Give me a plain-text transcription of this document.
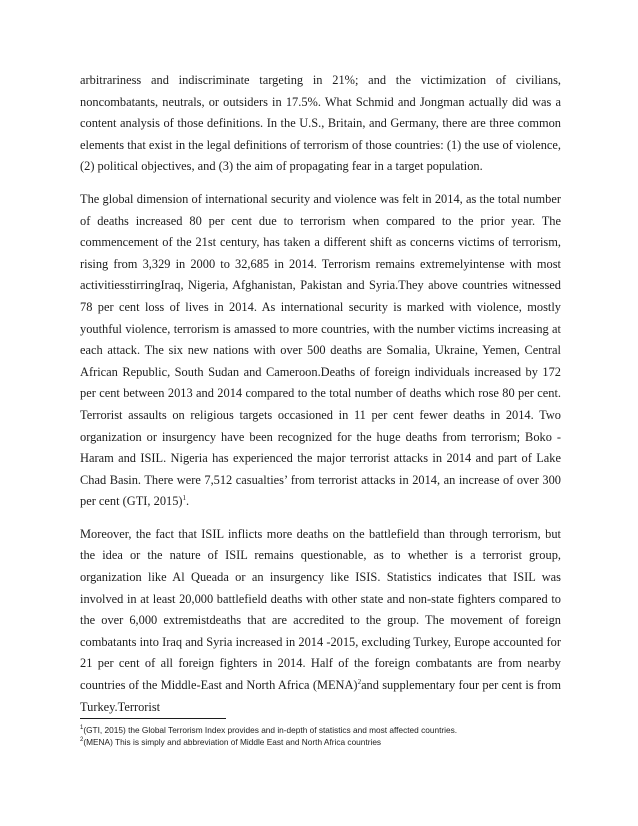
arbitrariness and indiscriminate targeting in 21%; and the victimization of civilians, noncombatants, neutrals, or outsiders in 17.5%. What Schmid and Jongman actually did was a content analysis of those definitions. In the U.S., Britain, and Germany, there are three common elements that exist in the legal definitions of terrorism of those countries: (1) the use of violence, (2) political objectives, and (3) the aim of propagating fear in a target population.

The global dimension of international security and violence was felt in 2014, as the total number of deaths increased 80 per cent due to terrorism when compared to the prior year. The commencement of the 21st century, has taken a different shift as concerns victims of terrorism, rising from 3,329 in 2000 to 32,685 in 2014. Terrorism remains extremelyintense with most activitiesstirringIraq, Nigeria, Afghanistan, Pakistan and Syria.They above countries witnessed 78 per cent loss of lives in 2014. As international security is marked with violence, mostly youthful violence, terrorism is amassed to more countries, with the number victims increasing at each attack. The six new nations with over 500 deaths are Somalia, Ukraine, Yemen, Central African Republic, South Sudan and Cameroon.Deaths of foreign individuals increased by 172 per cent between 2013 and 2014 compared to the total number of deaths which rose 80 per cent. Terrorist assaults on religious targets occasioned in 11 per cent fewer deaths in 2014. Two organization or insurgency have been recognized for the huge deaths from terrorism; Boko - Haram and ISIL. Nigeria has experienced the major terrorist attacks in 2014 and part of Lake Chad Basin. There were 7,512 casualties’ from terrorist attacks in 2014, an increase of over 300 per cent (GTI, 2015)$^1$.

Moreover, the fact that ISIL inflicts more deaths on the battlefield than through terrorism, but the idea or the nature of ISIL remains questionable, as to whether is a terrorist group, organization like Al Queada or an insurgency like ISIS. Statistics indicates that ISIL was involved in at least 20,000 battlefield deaths with other state and non-state fighters compared to the over 6,000 extremistdeaths that are accredited to the group. The movement of foreign combatants into Iraq and Syria increased in 2014 -2015, excluding Turkey, Europe accounted for 21 per cent of all foreign fighters in 2014. Half of the foreign combatants are from nearby countries of the Middle-East and North Africa (MENA)$^2$and supplementary four per cent is from Turkey.Terrorist

$^1$(GTI, 2015) the Global Terrorism Index provides and in-depth of statistics and most affected countries.
$^2$(MENA) This is simply and abbreviation of Middle East and North Africa countries
